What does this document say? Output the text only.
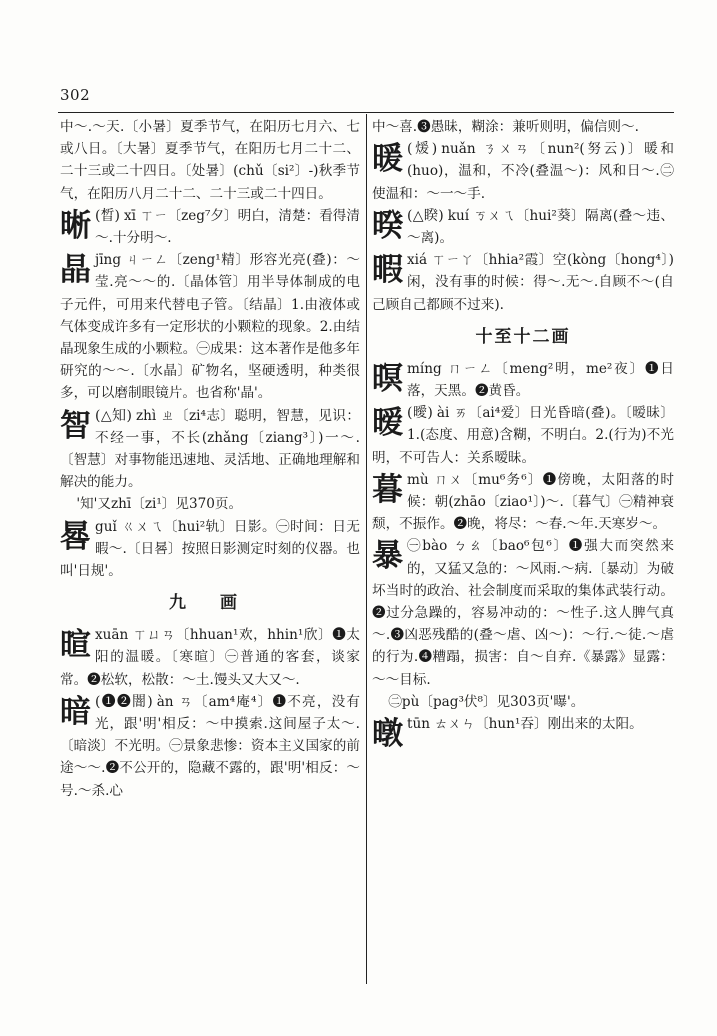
302

中～.～天.〔小暑〕夏季节气，在阳历七月六、七或八日。〔大暑〕夏季节气，在阳历七月二十二、二十三或二十四日。〔处暑〕(chǔ〔si²〕-)秋季节气，在阳历八月二十二、二十三或二十四日。

晰 (晳) xī ㄒㄧ〔zeg⁷夕〕明白，清楚：看得清～.十分明～.
晶 jīng ㄐㄧㄥ〔zeng¹精〕形容光亮(叠)：～莹.亮～～的.〔晶体管〕用半导体制成的电子元件，可用来代替电子管。〔结晶〕1.由液体或气体变成许多有一定形状的小颗粒的现象。2.由结晶现象生成的小颗粒。㊀成果：这本著作是他多年研究的～～.〔水晶〕矿物名，坚硬透明，种类很多，可以磨制眼镜片。也省称'晶'。
智 (△知) zhì ㄓ〔zi⁴志〕聪明，智慧，见识：不经一事，不长(zhǎng〔ziang³〕)一～.〔智慧〕对事物能迅速地、灵活地、正确地理解和解决的能力。

'知'又zhī〔zi¹〕见370页。

晷 guǐ ㄍㄨㄟ〔hui²轨〕日影。㊀时间：日无暇～.〔日晷〕按照日影测定时刻的仪器。也叫'日规'。
九 画
暄 xuān ㄒㄩㄢ〔hhuan¹欢，hhin¹欣〕❶太阳的温暖。〔寒暄〕㊀普通的客套，谈家常。❷松软，松散：～土.馒头又大又～.
暗 (❶❷闇) àn ㄢ〔am⁴庵⁴〕❶不亮，没有光，跟'明'相反：～中摸索.这间屋子太～.〔暗淡〕不光明。㊀景象悲惨：资本主义国家的前途～～.❷不公开的，隐藏不露的，跟'明'相反：～号.～杀.心

中～喜.❸愚昧，糊涂：兼听则明，偏信则～.

暖 (煖) nuǎn ㄋㄨㄢ〔nun²(努云)〕暖和(huo)，温和，不冷(叠温～)：风和日～.㊁使温和：～一～手.
暌 (△睽) kuí ㄎㄨㄟ〔hui²葵〕隔离(叠～违、～离)。
暇 xiá ㄒㄧㄚ〔hhia²霞〕空(kòng〔hong⁴〕)闲，没有事的时候：得～.无～.自顾不～(自己顾自己都顾不过来).
十至十二画
暝 míng ㄇㄧㄥ〔meng²明，me²夜〕❶日落，天黑。❷黄昏。
暧 (曖) ài ㄞ〔ai⁴爱〕日光昏暗(叠)。〔暧昧〕1.(态度、用意)含糊，不明白。2.(行为)不光明，不可告人：关系暧昧。
暮 mù ㄇㄨ〔mu⁶务⁶〕❶傍晚，太阳落的时候：朝(zhāo〔ziao¹〕)～.〔暮气〕㊀精神衰颓，不振作。❷晚，将尽：～春.～年.天寒岁～。
暴 ㊀bào ㄅㄠ〔bao⁶包⁶〕❶强大而突然来的，又猛又急的：～风雨.～病.〔暴动〕为破坏当时的政治、社会制度而采取的集体武装行动。❷过分急躁的，容易冲动的：～性子.这人脾气真～.❸凶恶残酷的(叠～虐、凶～)：～行.～徒.～虐的行为.❹糟蹋，损害：自～自弃.《暴露》显露：～～目标.

㊁pù〔pag³伏⁸〕见303页'曝'。

暾 tūn ㄊㄨㄣ〔hun¹吞〕刚出来的太阳。
